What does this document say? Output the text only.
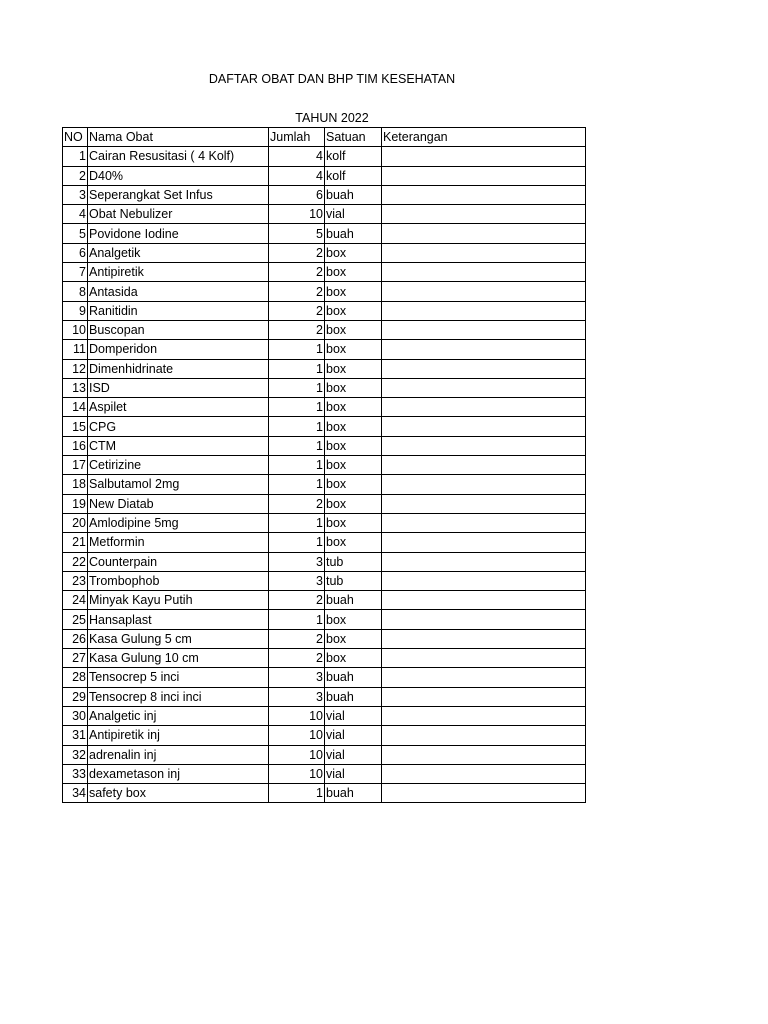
DAFTAR OBAT DAN BHP TIM KESEHATAN
TAHUN 2022
NO	Nama Obat	Jumlah	Satuan	Keterangan
1	Cairan Resusitasi ( 4 Kolf)	4	kolf	
2	D40%	4	kolf	
3	Seperangkat Set Infus	6	buah	
4	Obat Nebulizer	10	vial	
5	Povidone Iodine	5	buah	
6	Analgetik	2	box	
7	Antipiretik	2	box	
8	Antasida	2	box	
9	Ranitidin	2	box	
10	Buscopan	2	box	
11	Domperidon	1	box	
12	Dimenhidrinate	1	box	
13	ISD	1	box	
14	Aspilet	1	box	
15	CPG	1	box	
16	CTM	1	box	
17	Cetirizine	1	box	
18	Salbutamol 2mg	1	box	
19	New Diatab	2	box	
20	Amlodipine 5mg	1	box	
21	Metformin	1	box	
22	Counterpain	3	tub	
23	Trombophob	3	tub	
24	Minyak Kayu Putih	2	buah	
25	Hansaplast	1	box	
26	Kasa Gulung 5 cm	2	box	
27	Kasa Gulung 10 cm	2	box	
28	Tensocrep 5 inci	3	buah	
29	Tensocrep 8 inci inci	3	buah	
30	Analgetic inj	10	vial	
31	Antipiretik inj	10	vial	
32	adrenalin inj	10	vial	
33	dexametason inj	10	vial	
34	safety box	1	buah	
